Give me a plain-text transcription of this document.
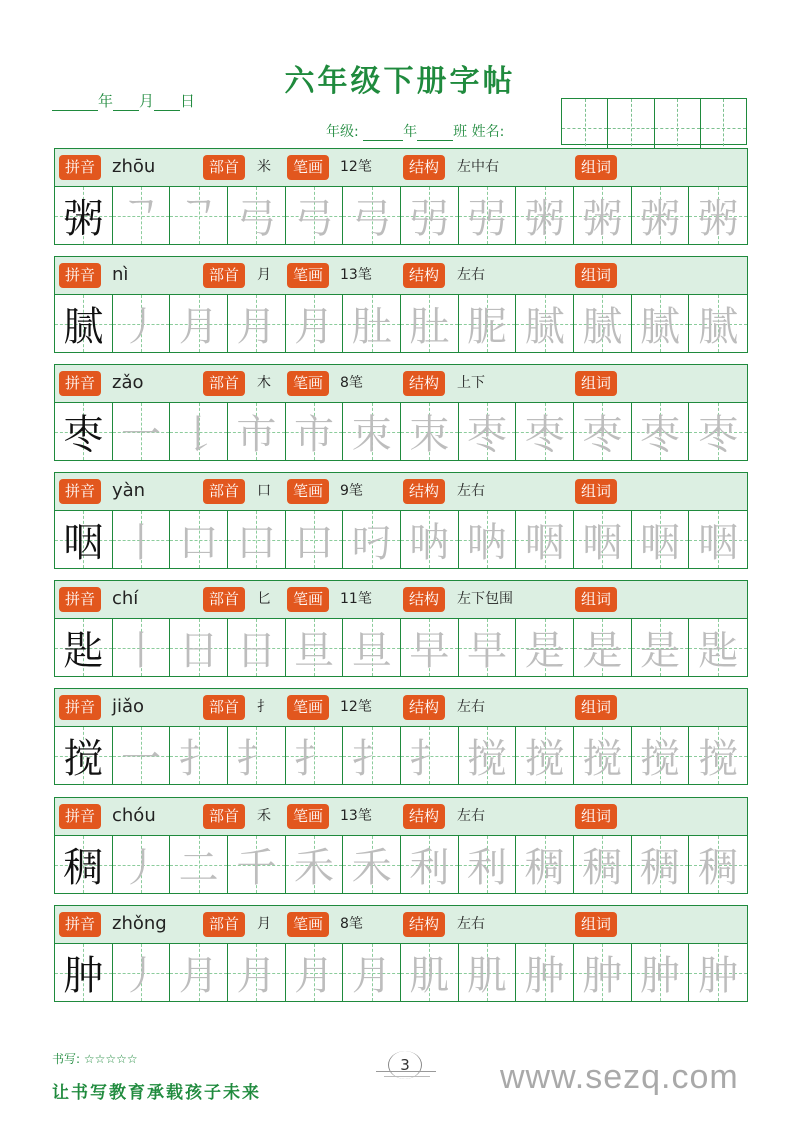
六年级下册字帖
年 月 日
年级:	年	班 姓名:
拼音 zhōu	部首	米	笔画	12笔	结构	左中右	组词
粥 ᄀ ᄀ 弓 弓 弓 弜 弜 粥 粥 粥 粥
拼音 nì	部首	月	笔画	13笔	结构	左右	组词
腻 丿 月 月 月 肚 肚 胒 腻 腻 腻 腻
拼音 zǎo	部首	木	笔画	8笔	结构	上下	组词
枣 一 𠄌 市 市 朿 朿 枣 枣 枣 枣 枣
拼音 yàn	部首	口	笔画	9笔	结构	左右	组词
咽 丨 口 口 口 叼 呐 呐 咽 咽 咽 咽
拼音 chí	部首	匕	笔画	11笔	结构	左下包围	组词
匙 丨 日 日 旦 旦 早 早 是 是 是 匙
拼音 jiǎo	部首	扌	笔画	12笔	结构	左右	组词
搅 一 扌 扌 扌 扌 扌 搅 搅 搅 搅 搅
拼音 chóu	部首	禾	笔画	13笔	结构	左右	组词
稠 丿 二 千 禾 禾 利 利 稠 稠 稠 稠
拼音 zhǒng	部首	月	笔画	8笔	结构	左右	组词
肿 丿 月 月 月 月 肌 肌 肿 肿 肿 肿
书写: ☆☆☆☆☆
让书写教育承载孩子未来
3	www.sezq.com
